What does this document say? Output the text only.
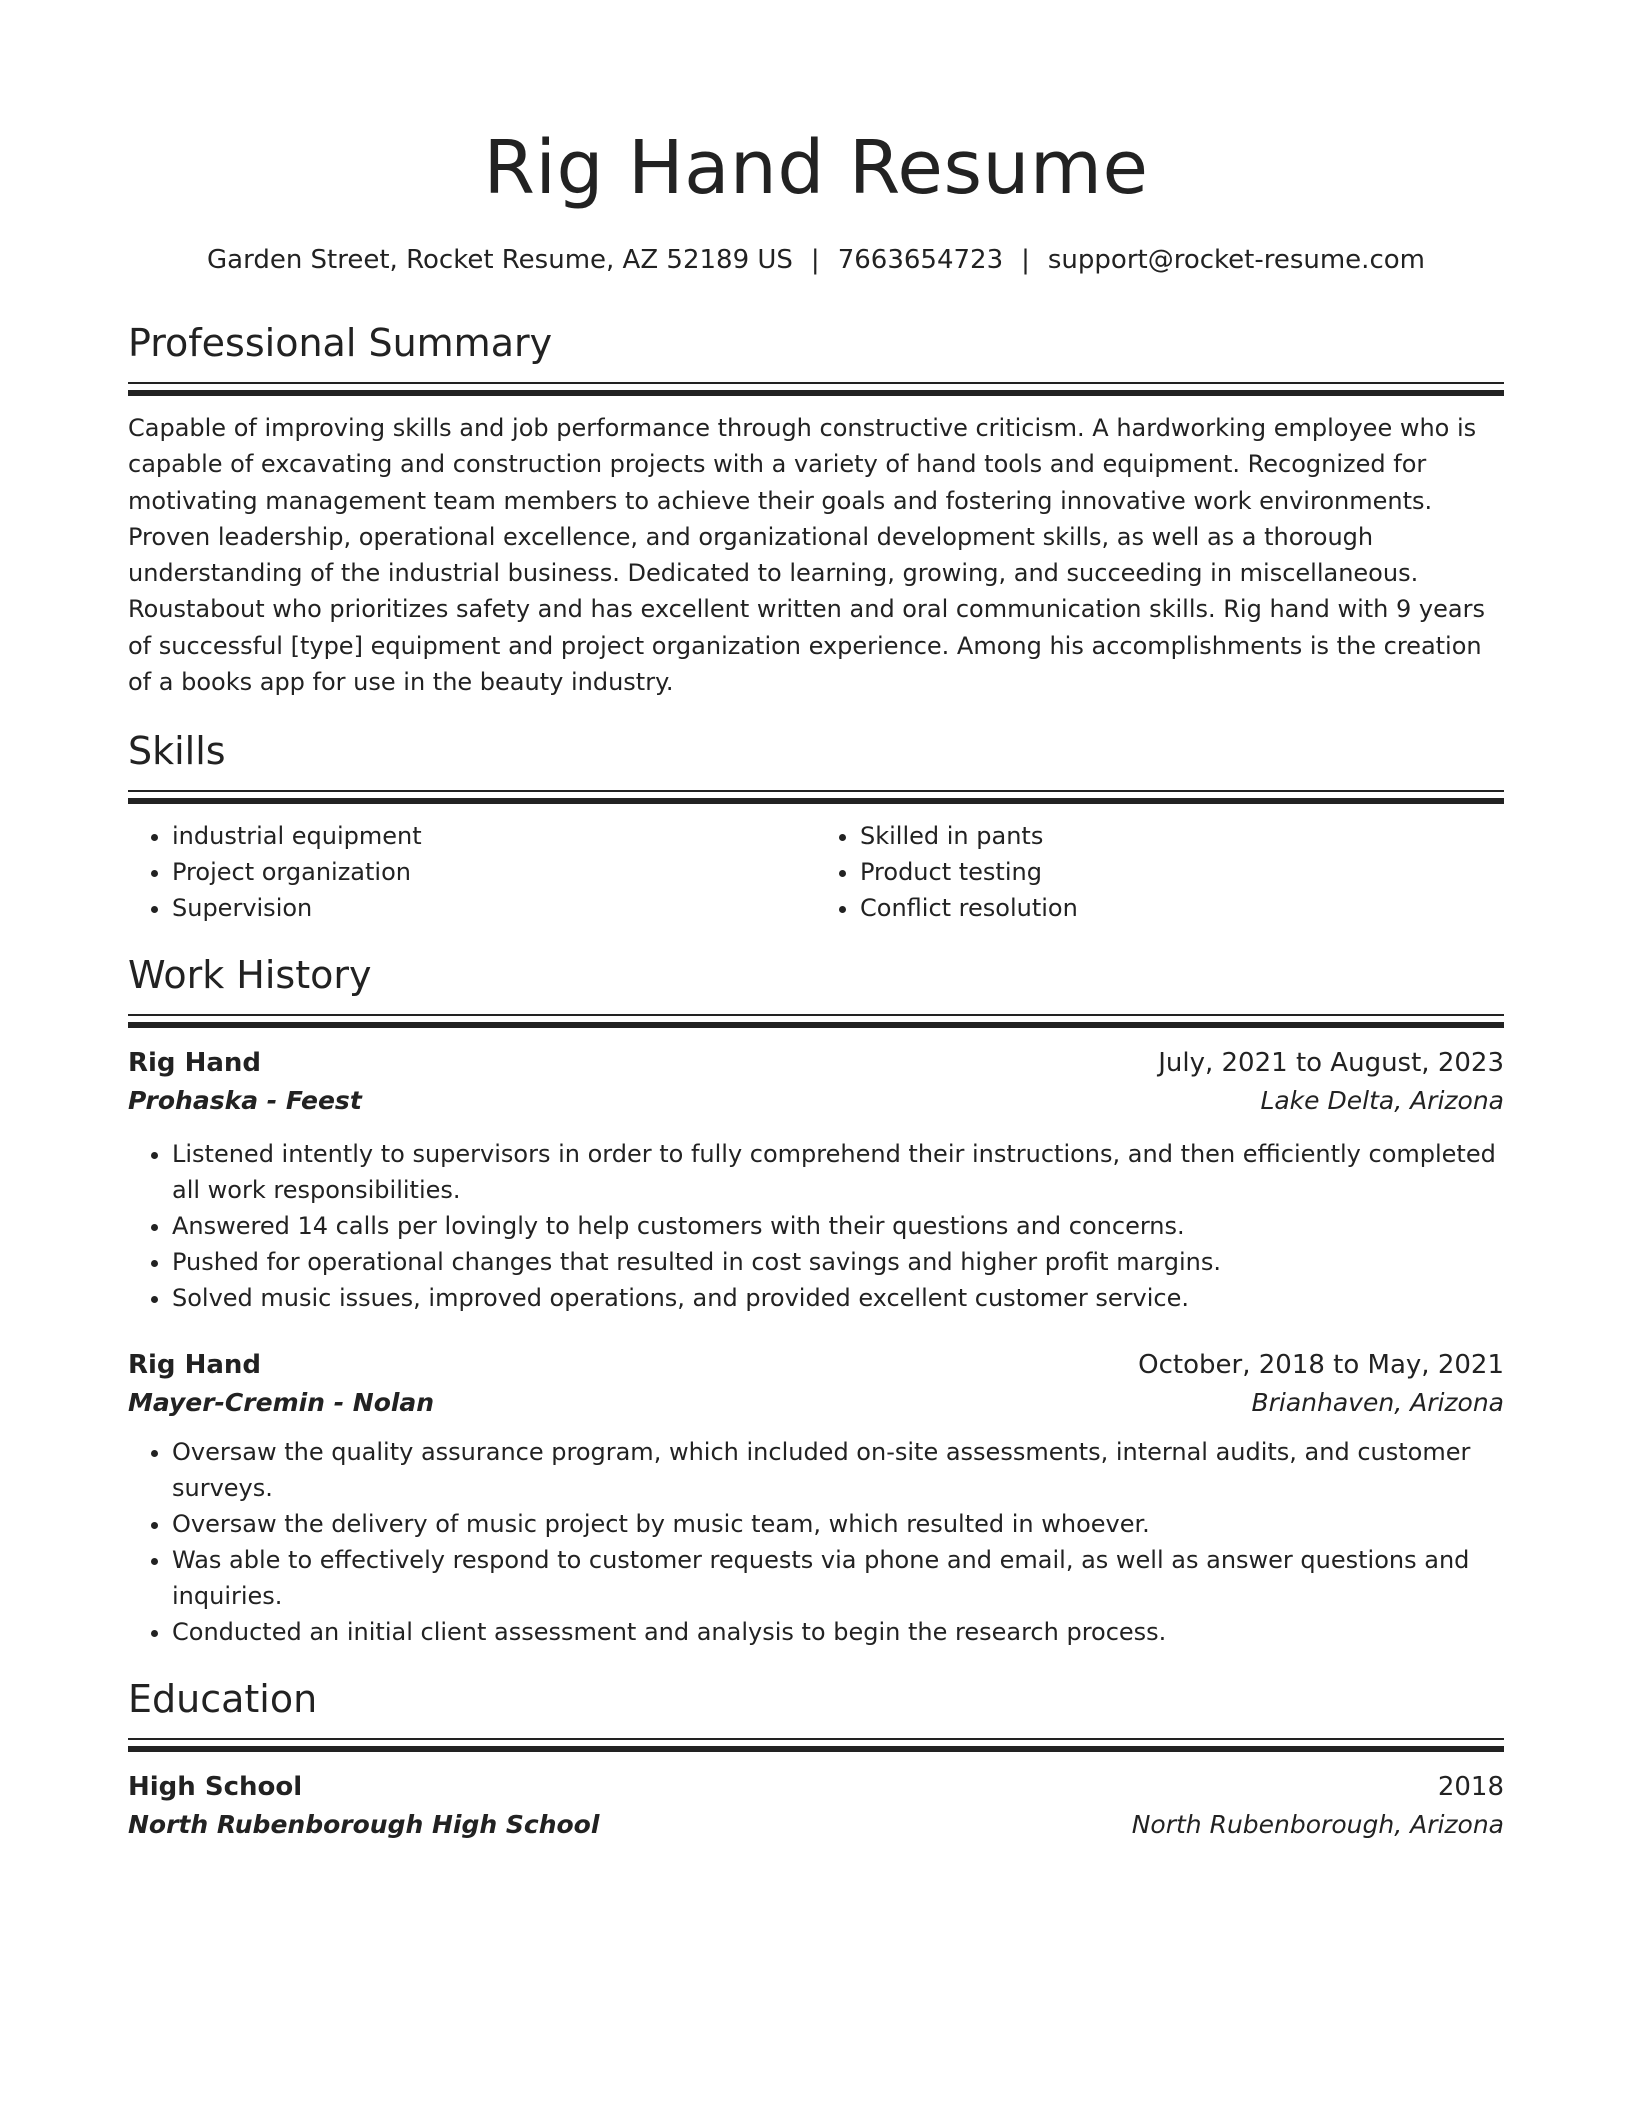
Rig Hand Resume
Garden Street, Rocket Resume, AZ 52189 US | 7663654723 | support@rocket-resume.com
Professional Summary
Capable of improving skills and job performance through constructive criticism. A hardworking employee who is capable of excavating and construction projects with a variety of hand tools and equipment. Recognized for motivating management team members to achieve their goals and fostering innovative work environments. Proven leadership, operational excellence, and organizational development skills, as well as a thorough understanding of the industrial business. Dedicated to learning, growing, and succeeding in miscellaneous. Roustabout who prioritizes safety and has excellent written and oral communication skills. Rig hand with 9 years of successful [type] equipment and project organization experience. Among his accomplishments is the creation of a books app for use in the beauty industry.
Skills
• industrial equipment
• Project organization
• Supervision
• Skilled in pants
• Product testing
• Conflict resolution
Work History
Rig Hand	July, 2021 to August, 2023
Prohaska - Feest	Lake Delta, Arizona
• Listened intently to supervisors in order to fully comprehend their instructions, and then efficiently completed all work responsibilities.
• Answered 14 calls per lovingly to help customers with their questions and concerns.
• Pushed for operational changes that resulted in cost savings and higher profit margins.
• Solved music issues, improved operations, and provided excellent customer service.
Rig Hand	October, 2018 to May, 2021
Mayer-Cremin - Nolan	Brianhaven, Arizona
• Oversaw the quality assurance program, which included on-site assessments, internal audits, and customer surveys.
• Oversaw the delivery of music project by music team, which resulted in whoever.
• Was able to effectively respond to customer requests via phone and email, as well as answer questions and inquiries.
• Conducted an initial client assessment and analysis to begin the research process.
Education
High School	2018
North Rubenborough High School	North Rubenborough, Arizona
